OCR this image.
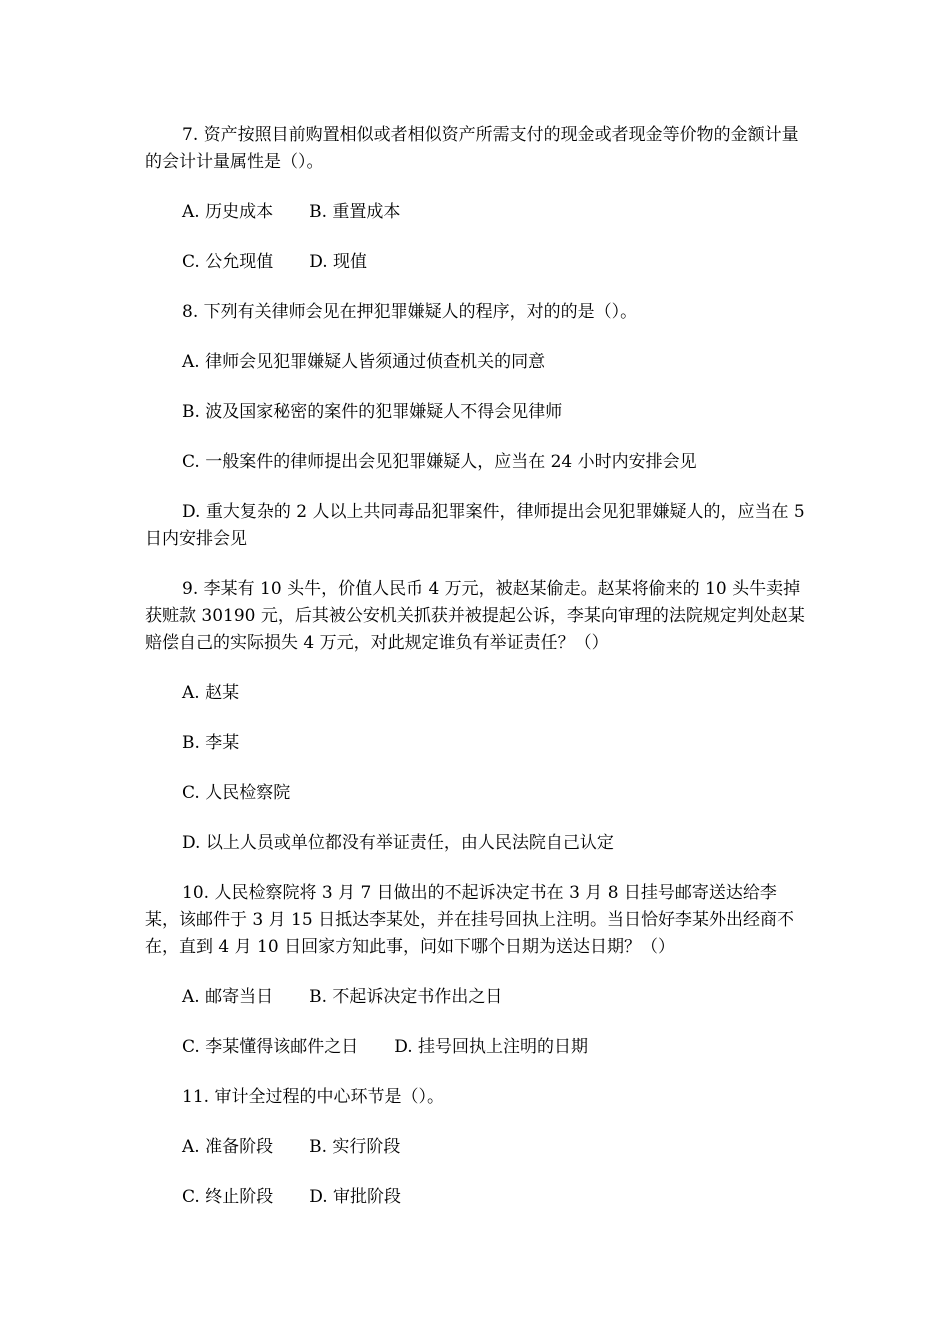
7. 资产按照目前购置相似或者相似资产所需支付的现金或者现金等价物的金额计量的会计计量属性是（）。

A. 历史成本 B. 重置成本

C. 公允现值 D. 现值

8. 下列有关律师会见在押犯罪嫌疑人的程序，对的的是（）。

A. 律师会见犯罪嫌疑人皆须通过侦查机关的同意

B. 波及国家秘密的案件的犯罪嫌疑人不得会见律师

C. 一般案件的律师提出会见犯罪嫌疑人，应当在 24 小时内安排会见

D. 重大复杂的 2 人以上共同毒品犯罪案件，律师提出会见犯罪嫌疑人的，应当在 5 日内安排会见

9. 李某有 10 头牛，价值人民币 4 万元，被赵某偷走。赵某将偷来的 10 头牛卖掉获赃款 30190 元，后其被公安机关抓获并被提起公诉，李某向审理的法院规定判处赵某赔偿自己的实际损失 4 万元，对此规定谁负有举证责任？（）

A. 赵某

B. 李某

C. 人民检察院

D. 以上人员或单位都没有举证责任，由人民法院自己认定

10. 人民检察院将 3 月 7 日做出的不起诉决定书在 3 月 8 日挂号邮寄送达给李某，该邮件于 3 月 15 日抵达李某处，并在挂号回执上注明。当日恰好李某外出经商不在，直到 4 月 10 日回家方知此事，问如下哪个日期为送达日期？（）

A. 邮寄当日 B. 不起诉决定书作出之日

C. 李某懂得该邮件之日 D. 挂号回执上注明的日期

11. 审计全过程的中心环节是（）。

A. 准备阶段 B. 实行阶段

C. 终止阶段 D. 审批阶段
